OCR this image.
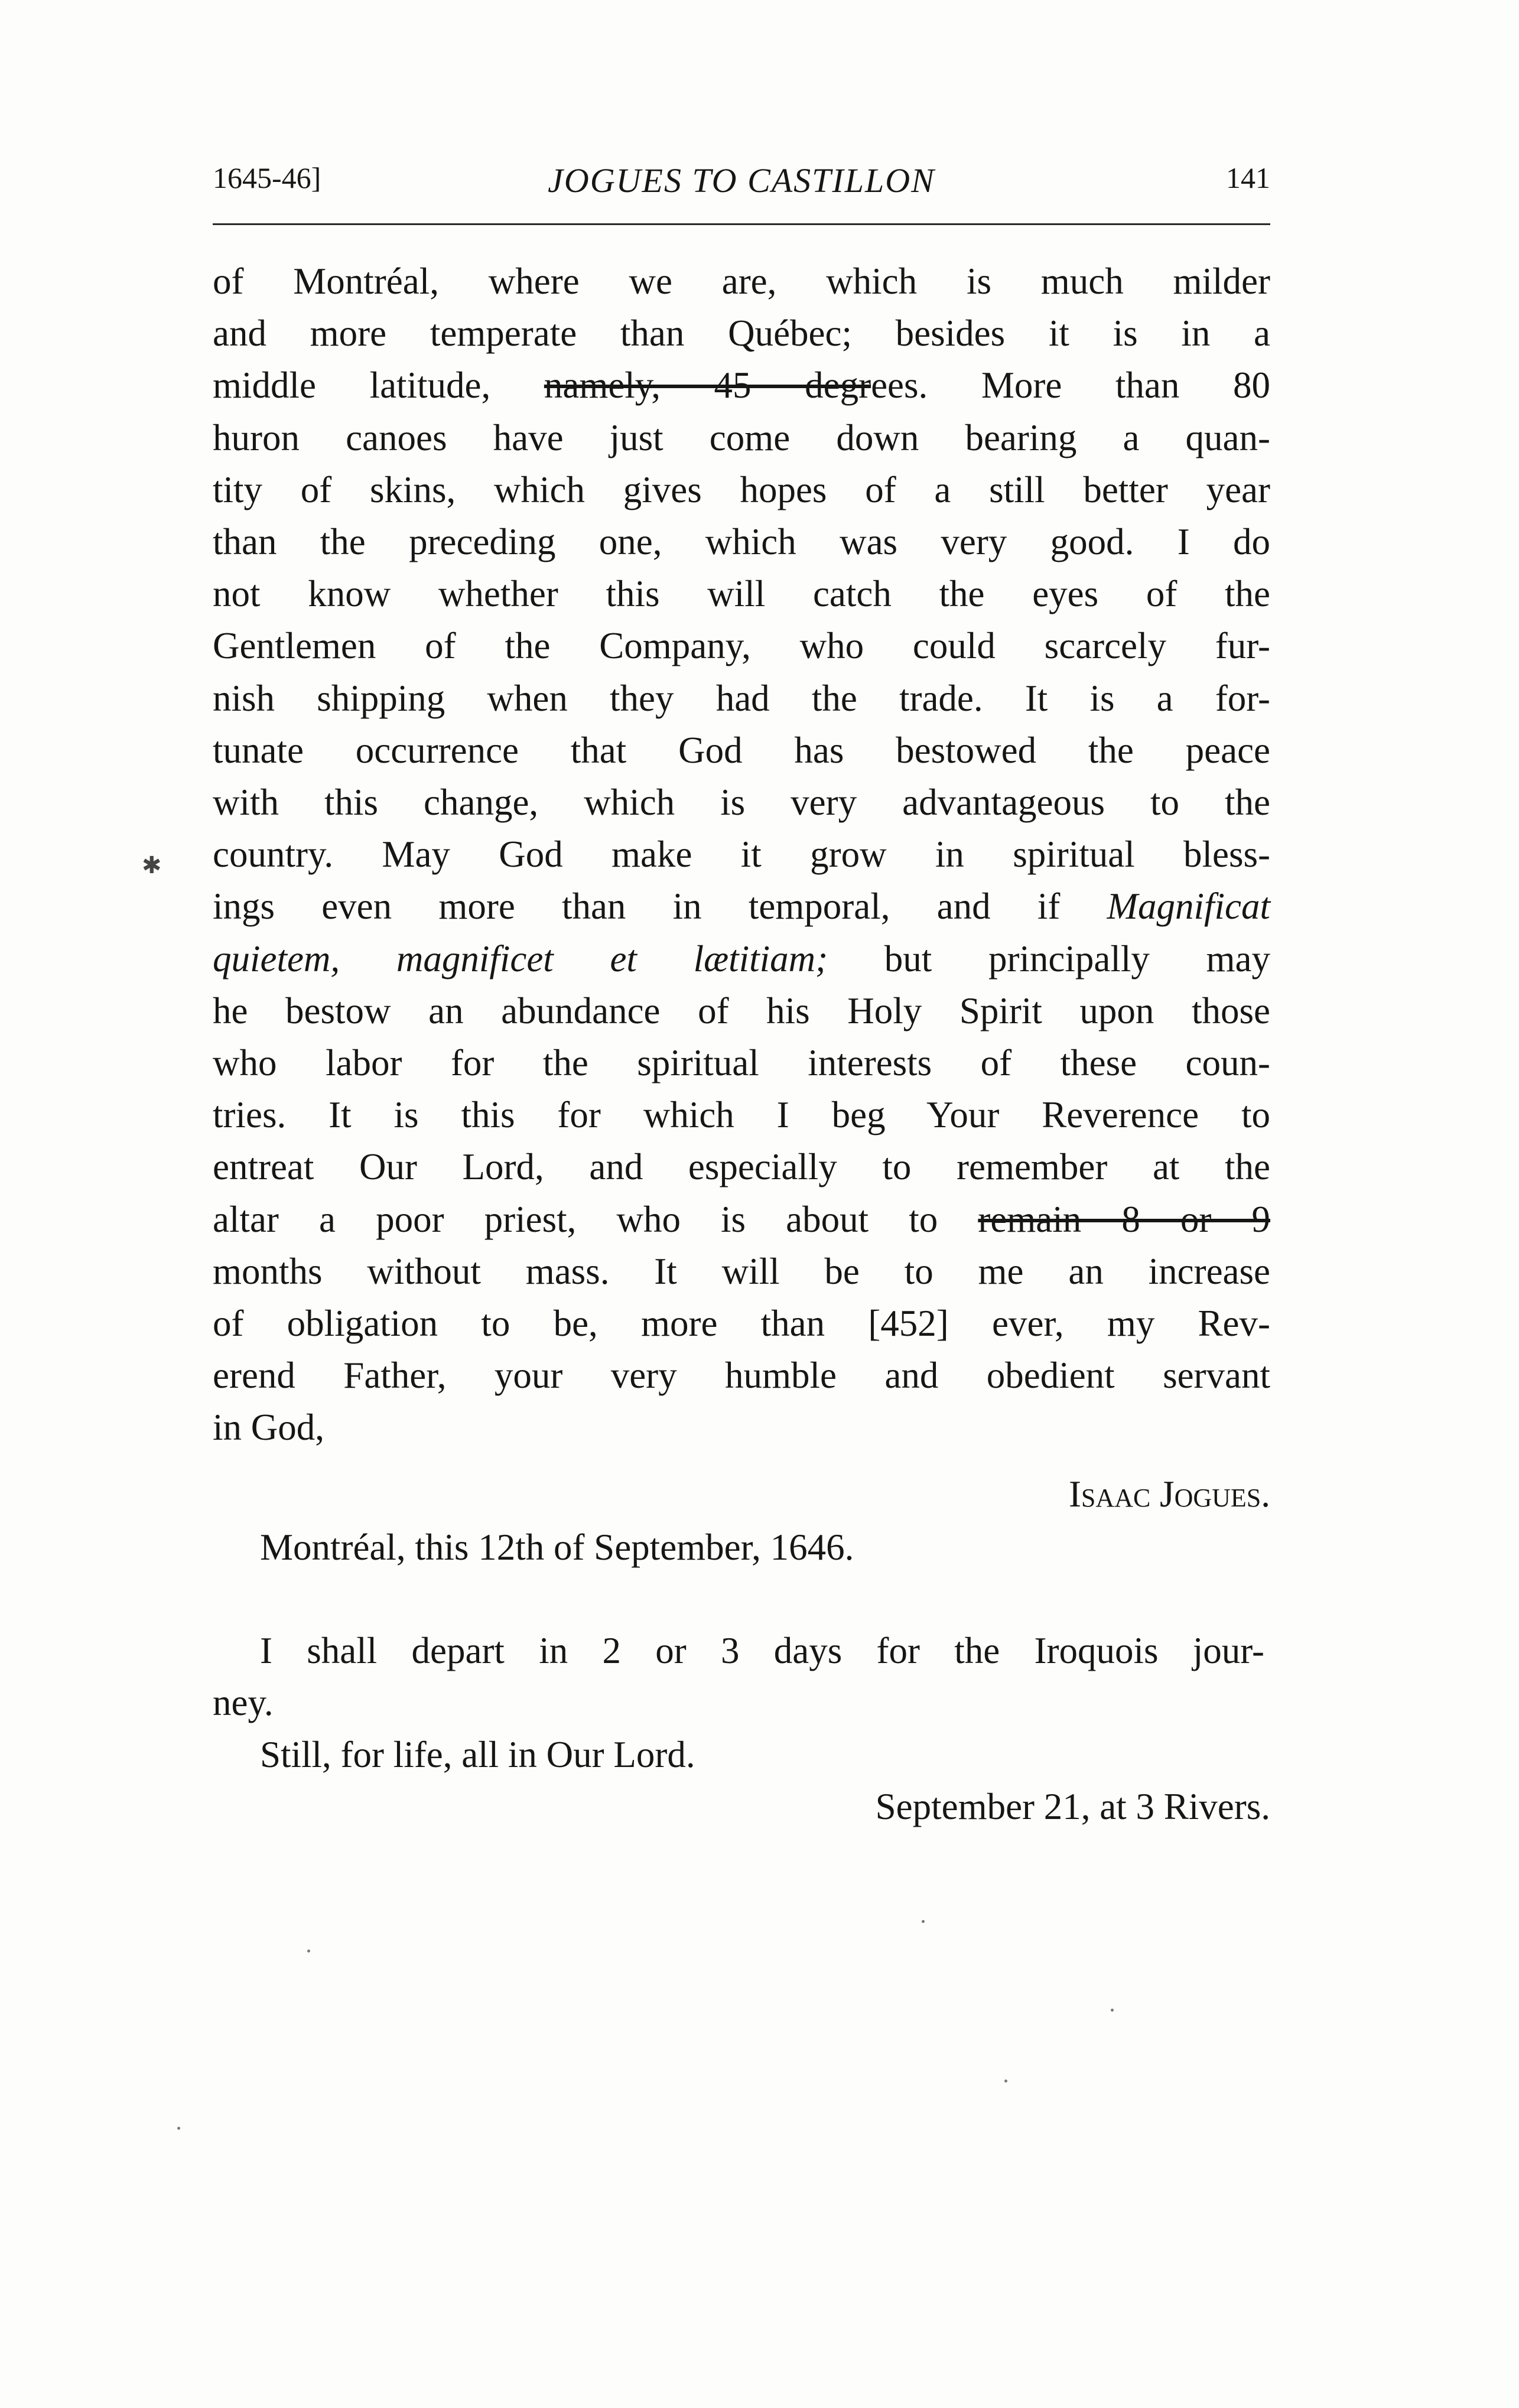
1645-46]	JOGUES TO CASTILLON	141
✱
of Montréal, where we are, which is much milder
and more temperate than Québec; besides it is in a
middle latitude, namely, 45 degrees. More than 80
huron canoes have just come down bearing a quan-
tity of skins, which gives hopes of a still better year
than the preceding one, which was very good. I do
not know whether this will catch the eyes of the
Gentlemen of the Company, who could scarcely fur-
nish shipping when they had the trade. It is a for-
tunate occurrence that God has bestowed the peace
with this change, which is very advantageous to the
country. May God make it grow in spiritual bless-
ings even more than in temporal, and if Magnificat
quietem, magnificet et lætitiam; but principally may
he bestow an abundance of his Holy Spirit upon those
who labor for the spiritual interests of these coun-
tries. It is this for which I beg Your Reverence to
entreat Our Lord, and especially to remember at the
altar a poor priest, who is about to remain 8 or 9
months without mass. It will be to me an increase
of obligation to be, more than [452] ever, my Rev-
erend Father, your very humble and obedient servant
in God,
Isaac Jogues.
Montréal, this 12th of September, 1646.
I shall depart in 2 or 3 days for the Iroquois jour-
ney.
Still, for life, all in Our Lord.
September 21, at 3 Rivers.
